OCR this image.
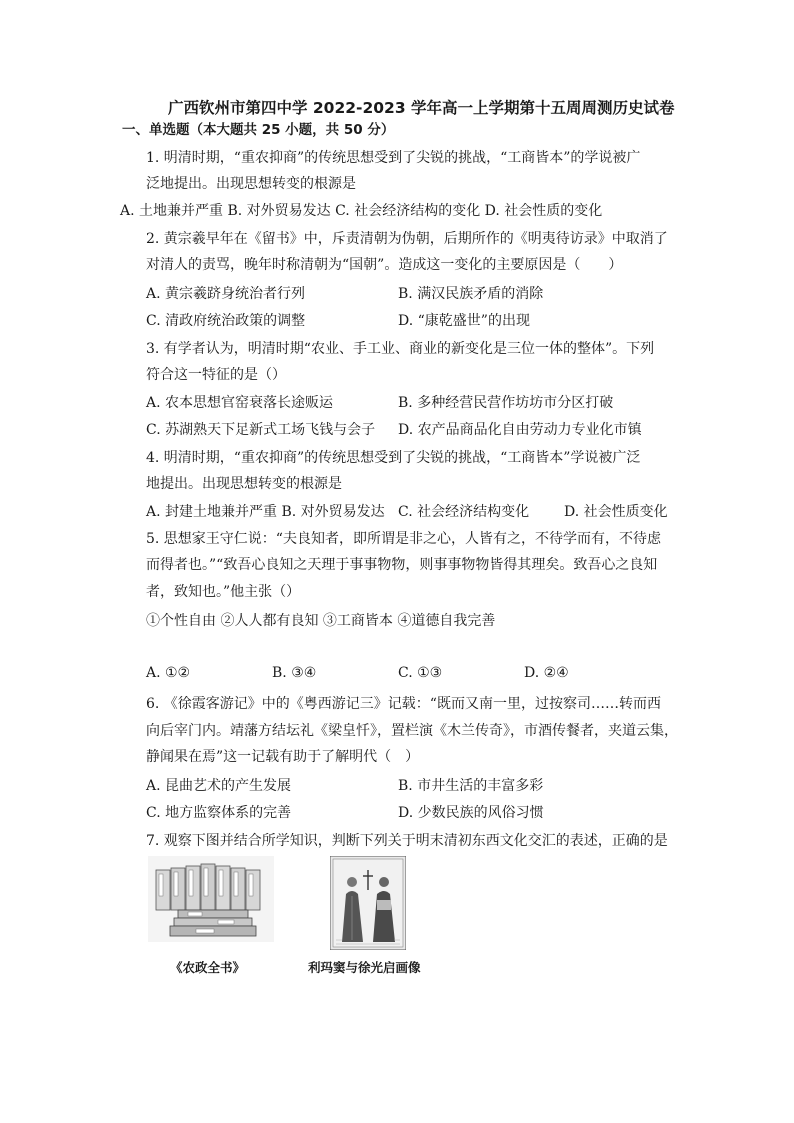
广西钦州市第四中学 2022-2023 学年高一上学期第十五周周测历史试卷
一、单选题（本大题共 25 小题，共 50 分）
1. 明清时期，“重农抑商”的传统思想受到了尖锐的挑战，“工商皆本”的学说被广
泛地提出。出现思想转变的根源是
A. 土地兼并严重 B. 对外贸易发达 C. 社会经济结构的变化 D. 社会性质的变化
2. 黄宗羲早年在《留书》中，斥责清朝为伪朝，后期所作的《明夷待访录》中取消了
对清人的责骂，晚年时称清朝为“国朝”。造成这一变化的主要原因是（　　）
A. 黄宗羲跻身统治者行列	B. 满汉民族矛盾的消除
C. 清政府统治政策的调整	D. “康乾盛世”的出现
3. 有学者认为，明清时期“农业、手工业、商业的新变化是三位一体的整体”。下列
符合这一特征的是（）
A. 农本思想官窑衰落长途贩运	B. 多种经营民营作坊坊市分区打破
C. 苏湖熟天下足新式工场飞钱与会子 D. 农产品商品化自由劳动力专业化市镇
4. 明清时期，“重农抑商”的传统思想受到了尖锐的挑战，“工商皆本”学说被广泛
地提出。出现思想转变的根源是
A. 封建土地兼并严重 B. 对外贸易发达 C. 社会经济结构变化 D. 社会性质变化
5. 思想家王守仁说：“夫良知者，即所谓是非之心，人皆有之，不待学而有，不待虑
而得者也。”“致吾心良知之天理于事事物物，则事事物物皆得其理矣。致吾心之良知
者，致知也。”他主张（）
①个性自由 ②人人都有良知 ③工商皆本 ④道德自我完善
A. ①②	B. ③④	C. ①③	D. ②④
6. 《徐霞客游记》中的《粤西游记三》记载：“既而又南一里，过按察司……转而西
向后宰门内。靖藩方结坛礼《梁皇忏》，置栏演《木兰传奇》，市酒传餐者，夹道云集，
静闻果在焉”这一记载有助于了解明代（　）
A. 昆曲艺术的产生发展	B. 市井生活的丰富多彩
C. 地方监察体系的完善	D. 少数民族的风俗习惯
7. 观察下图并结合所学知识，判断下列关于明末清初东西文化交汇的表述，正确的是
《农政全书》	利玛窦与徐光启画像
